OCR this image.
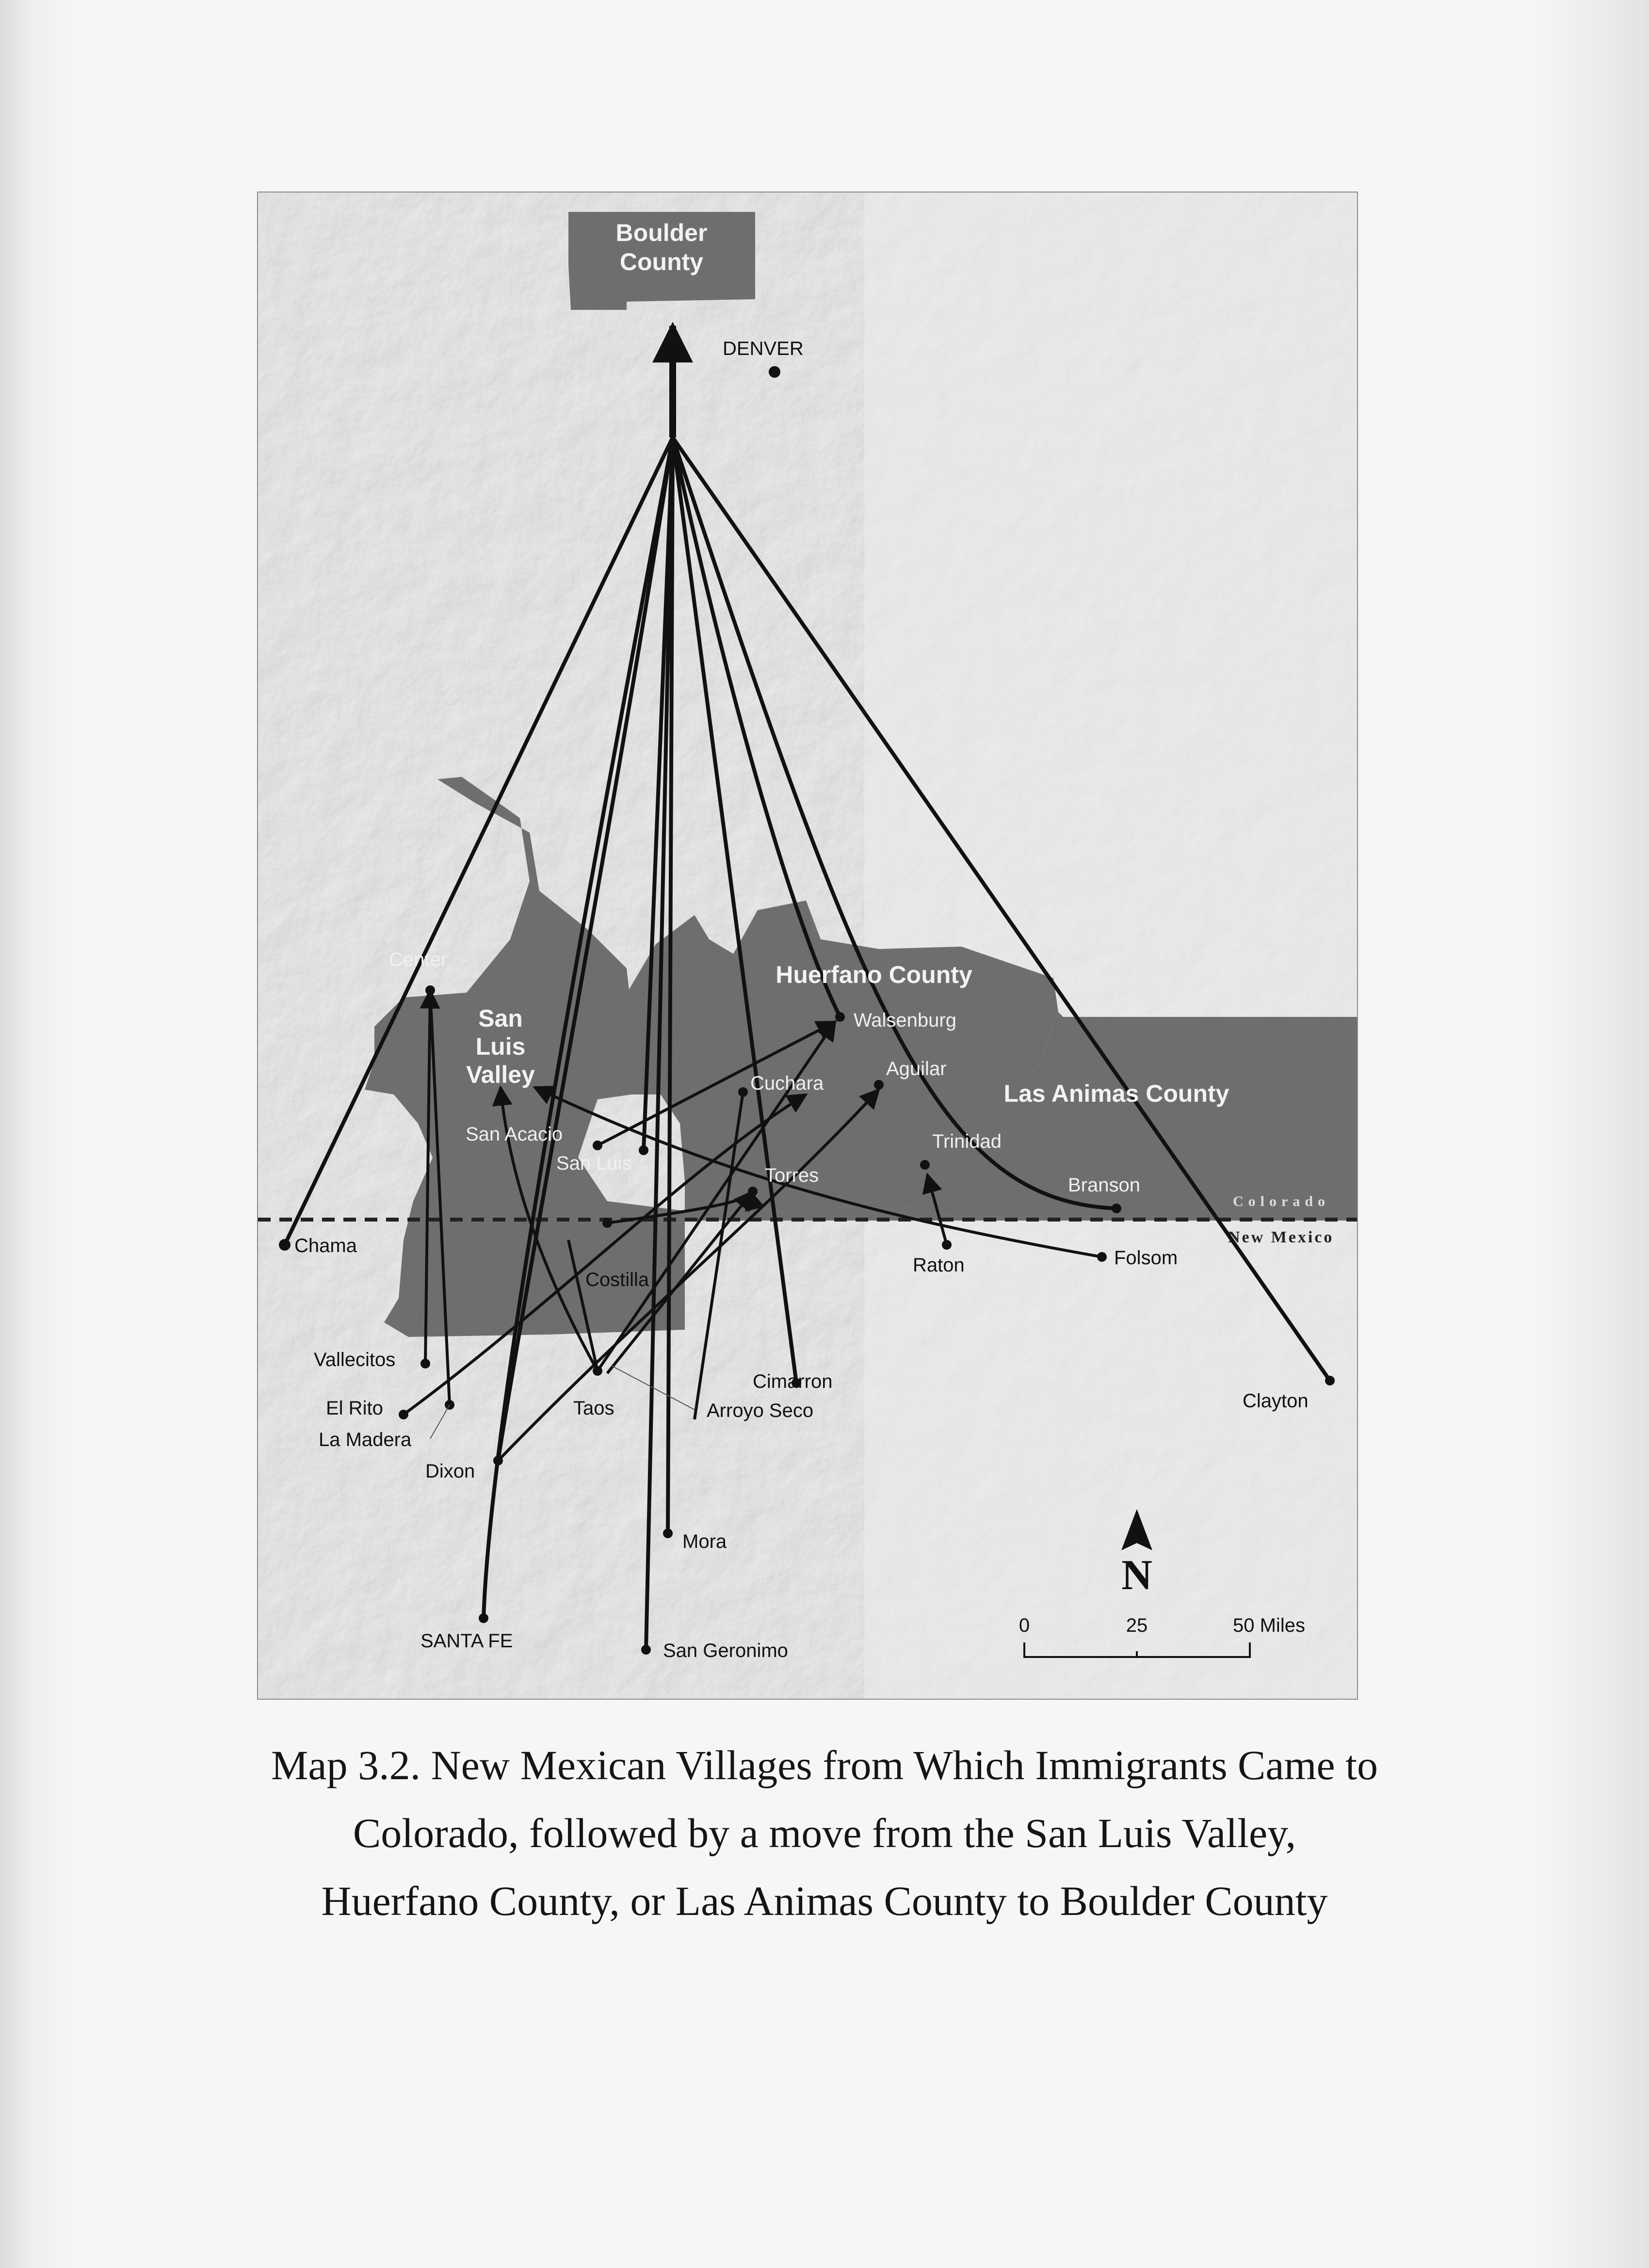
Colorado
New Mexico
Boulder County
San Luis Valley
Huerfano County
Las Animas County
DENVER
Center
San Acacio
San Luis
Cuchara
Walsenburg
Aguilar
Trinidad
Torres	Branson
Chama
Costilla
Raton	Folsom
Vallecitos
El Rito
La Madera
Dixon
Taos
Cimarron
Arroyo Seco	Clayton
Mora
SANTA FE	San Geronimo
N
0	25	50 Miles
Map 3.2. New Mexican Villages from Which Immigrants Came to
Colorado, followed by a move from the San Luis Valley,
Huerfano County, or Las Animas County to Boulder County
